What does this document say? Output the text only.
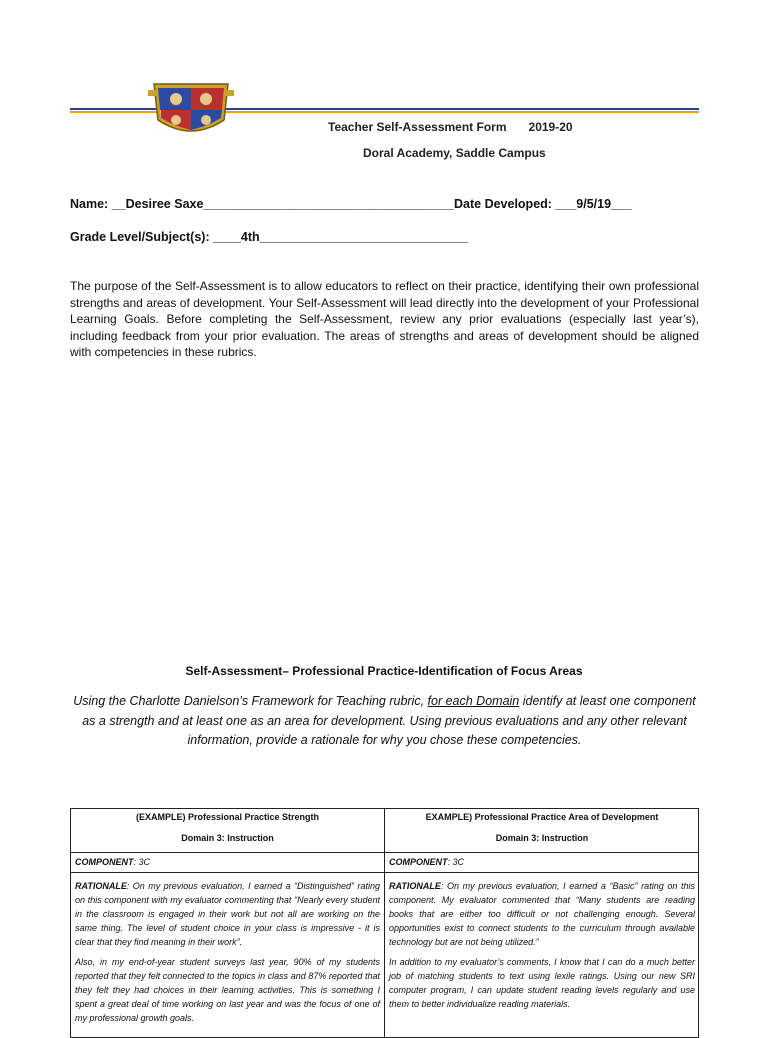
Teacher Self-Assessment Form 2019-20
Doral Academy, Saddle Campus
Name: __Desiree Saxe____________________________________ Date Developed: ___9/5/19___
Grade Level/Subject(s): ____4th______________________________
The purpose of the Self-Assessment is to allow educators to reflect on their practice, identifying their own professional strengths and areas of development. Your Self-Assessment will lead directly into the development of your Professional Learning Goals. Before completing the Self-Assessment, review any prior evaluations (especially last year’s), including feedback from your prior evaluation. The areas of strengths and areas of development should be aligned with competencies in these rubrics.
Self-Assessment– Professional Practice-Identification of Focus Areas
Using the Charlotte Danielson’s Framework for Teaching rubric, for each Domain identify at least one component as a strength and at least one as an area for development. Using previous evaluations and any other relevant information, provide a rationale for why you chose these competencies.
(EXAMPLE) Professional Practice Strength
Domain 3: Instruction
COMPONENT: 3C

RATIONALE: On my previous evaluation, I earned a “Distinguished” rating on this component with my evaluator commenting that “Nearly every student in the classroom is engaged in their work but not all are working on the same thing. The level of student choice in your class is impressive - it is clear that they find meaning in their work”.

Also, in my end-of-year student surveys last year, 90% of my students reported that they felt connected to the topics in class and 87% reported that they felt they had choices in their learning activities. This is something I spent a great deal of time working on last year and was the focus of one of my professional growth goals.

EXAMPLE) Professional Practice Area of Development
Domain 3: Instruction
COMPONENT: 3C

RATIONALE: On my previous evaluation, I earned a “Basic” rating on this component. My evaluator commented that “Many students are reading books that are either too difficult or not challenging enough. Several opportunities exist to connect students to the curriculum through available technology but are not being utilized.”

In addition to my evaluator’s comments, I know that I can do a much better job of matching students to text using lexile ratings. Using our new SRI computer program, I can update student reading levels regularly and use them to better individualize reading materials.
